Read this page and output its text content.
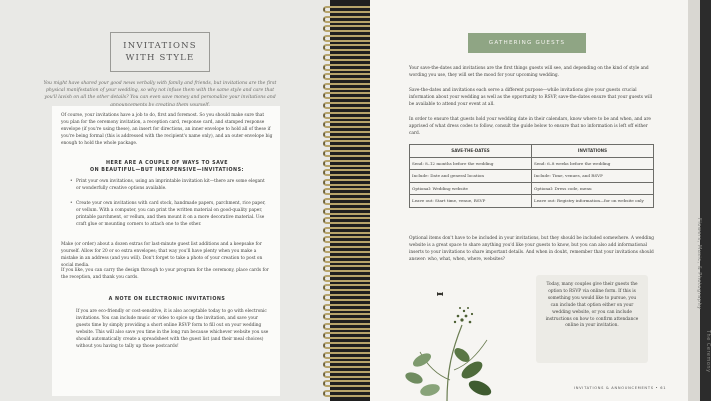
INVITATIONS
WITH STYLE
You might have shared your good news verbally with family and friends, but invitations are the first physical manifestation of your wedding, so why not infuse them with the same style and care that you'll lavish on all the other details? You can even save money and personalize your invitations and
Of course, your invitations have a job to do, first and foremost. So you should make sure that you plan for the ceremony invitation, a reception card, response card, and stamped response envelope (if you're using these), an insert for directions, an inner envelope to hold all of these if you're being formal (this is addressed with the recipient's name only), and an outer envelope big enough to hold the whole package.
HERE ARE A COUPLE OF WAYS TO SAVE
ON BEAUTIFUL—BUT INEXPENSIVE—INVITATIONS:
• Print your own invitations, using an imprintable invitation kit—there are some elegant or wonderfully creative options available.
• Create your own invitations with card stock, handmade papers, parchment, rice paper, or vellum. With a computer, you can print the written material on good-quality paper, printable parchment, or vellum, and then mount it on a more decorative material. Use craft glue or mounting corners to attach one to the other.
Make (or order) about a dozen extras for last-minute guest list additions and a keepsake for yourself. Allow for 20 or so extra envelopes; that way you'll have plenty when you make a mistake in an address (and you will). Don't forget to take a photo of your creation to post on social media.
If you like, you can carry the design through to your program for the ceremony, place cards for the reception, and thank you cards.
A NOTE ON ELECTRONIC INVITATIONS
If you are eco-friendly or cost-sensitive, it is also acceptable today to go with electronic invitations. You can include music or video to spice up the invitation, and save your guests time by simply providing a short online RSVP form to fill out on your wedding website. This will also save you time in the long run because whichever website you use should automatically create a spreadsheet with the guest list (and their meal choices) without you having to tally up those postcards!
GATHERING GUESTS
Your save-the-dates and invitations are the first things guests will see, and depending on the kind of style and wording you use, they will set the mood for your upcoming wedding.
Save-the-dates and invitations each serve a different purpose—while invitations give your guests crucial information about your wedding as well as the opportunity to RSVP, save-the-dates ensure that your guests will be available to attend your event at all.
In order to ensure that guests hold your wedding date in their calendars, know where to be and when, and are apprised of what dress codes to follow, consult the guide below to ensure that no information is left off either card.
SAVE-THE-DATES	INVITATIONS
Send: 8–12 months before the wedding	Send: 6–8 weeks before the wedding
Include: Date and general location	Include: Time, venues, and RSVP
Optional: Wedding website	Optional: Dress code, menu
Leave out: Start time, venue, RSVP	Leave out: Registry information—for on website only
Optional items don't have to be included in your invitations, but they should be included somewhere. A wedding website is a great space to share anything you'd like your guests to know, but you can also add informational inserts to your invitations to share important details. And when in doubt, remember that your invitations should answer: who, what, when, where, websites?
Today, many couples give their guests the option to RSVP via online form. If this is something you would like to pursue, you can include that option either on your wedding website, or you can include instructions on how to confirm attendance online in your invitation.
INVITATIONS & ANNOUNCEMENTS • 61
Flowers, Music, & Photography
The Ceremony
